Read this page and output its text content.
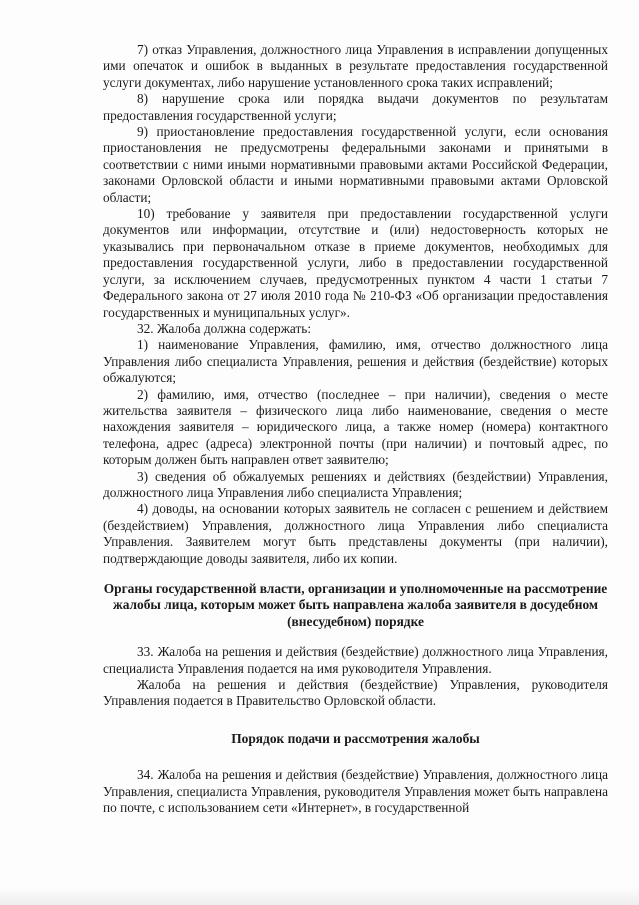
7) отказ Управления, должностного лица Управления в исправлении допущенных ими опечаток и ошибок в выданных в результате предоставления государственной услуги документах, либо нарушение установленного срока таких исправлений;

8) нарушение срока или порядка выдачи документов по результатам предоставления государственной услуги;

9) приостановление предоставления государственной услуги, если основания приостановления не предусмотрены федеральными законами и принятыми в соответствии с ними иными нормативными правовыми актами Российской Федерации, законами Орловской области и иными нормативными правовыми актами Орловской области;

10) требование у заявителя при предоставлении государственной услуги документов или информации, отсутствие и (или) недостоверность которых не указывались при первоначальном отказе в приеме документов, необходимых для предоставления государственной услуги, либо в предоставлении государственной услуги, за исключением случаев, предусмотренных пунктом 4 части 1 статьи 7 Федерального закона от 27 июля 2010 года № 210-ФЗ «Об организации предоставления государственных и муниципальных услуг».

32. Жалоба должна содержать:

1) наименование Управления, фамилию, имя, отчество должностного лица Управления либо специалиста Управления, решения и действия (бездействие) которых обжалуются;

2) фамилию, имя, отчество (последнее – при наличии), сведения о месте жительства заявителя – физического лица либо наименование, сведения о месте нахождения заявителя – юридического лица, а также номер (номера) контактного телефона, адрес (адреса) электронной почты (при наличии) и почтовый адрес, по которым должен быть направлен ответ заявителю;

3) сведения об обжалуемых решениях и действиях (бездействии) Управления, должностного лица Управления либо специалиста Управления;

4) доводы, на основании которых заявитель не согласен с решением и действием (бездействием) Управления, должностного лица Управления либо специалиста Управления. Заявителем могут быть представлены документы (при наличии), подтверждающие доводы заявителя, либо их копии.

Органы государственной власти, организации и уполномоченные на рассмотрение жалобы лица, которым может быть направлена жалоба заявителя в досудебном (внесудебном) порядке

33. Жалоба на решения и действия (бездействие) должностного лица Управления, специалиста Управления подается на имя руководителя Управления.

Жалоба на решения и действия (бездействие) Управления, руководителя Управления подается в Правительство Орловской области.

Порядок подачи и рассмотрения жалобы

34. Жалоба на решения и действия (бездействие) Управления, должностного лица Управления, специалиста Управления, руководителя Управления может быть направлена по почте, с использованием сети «Интернет», в государственной
